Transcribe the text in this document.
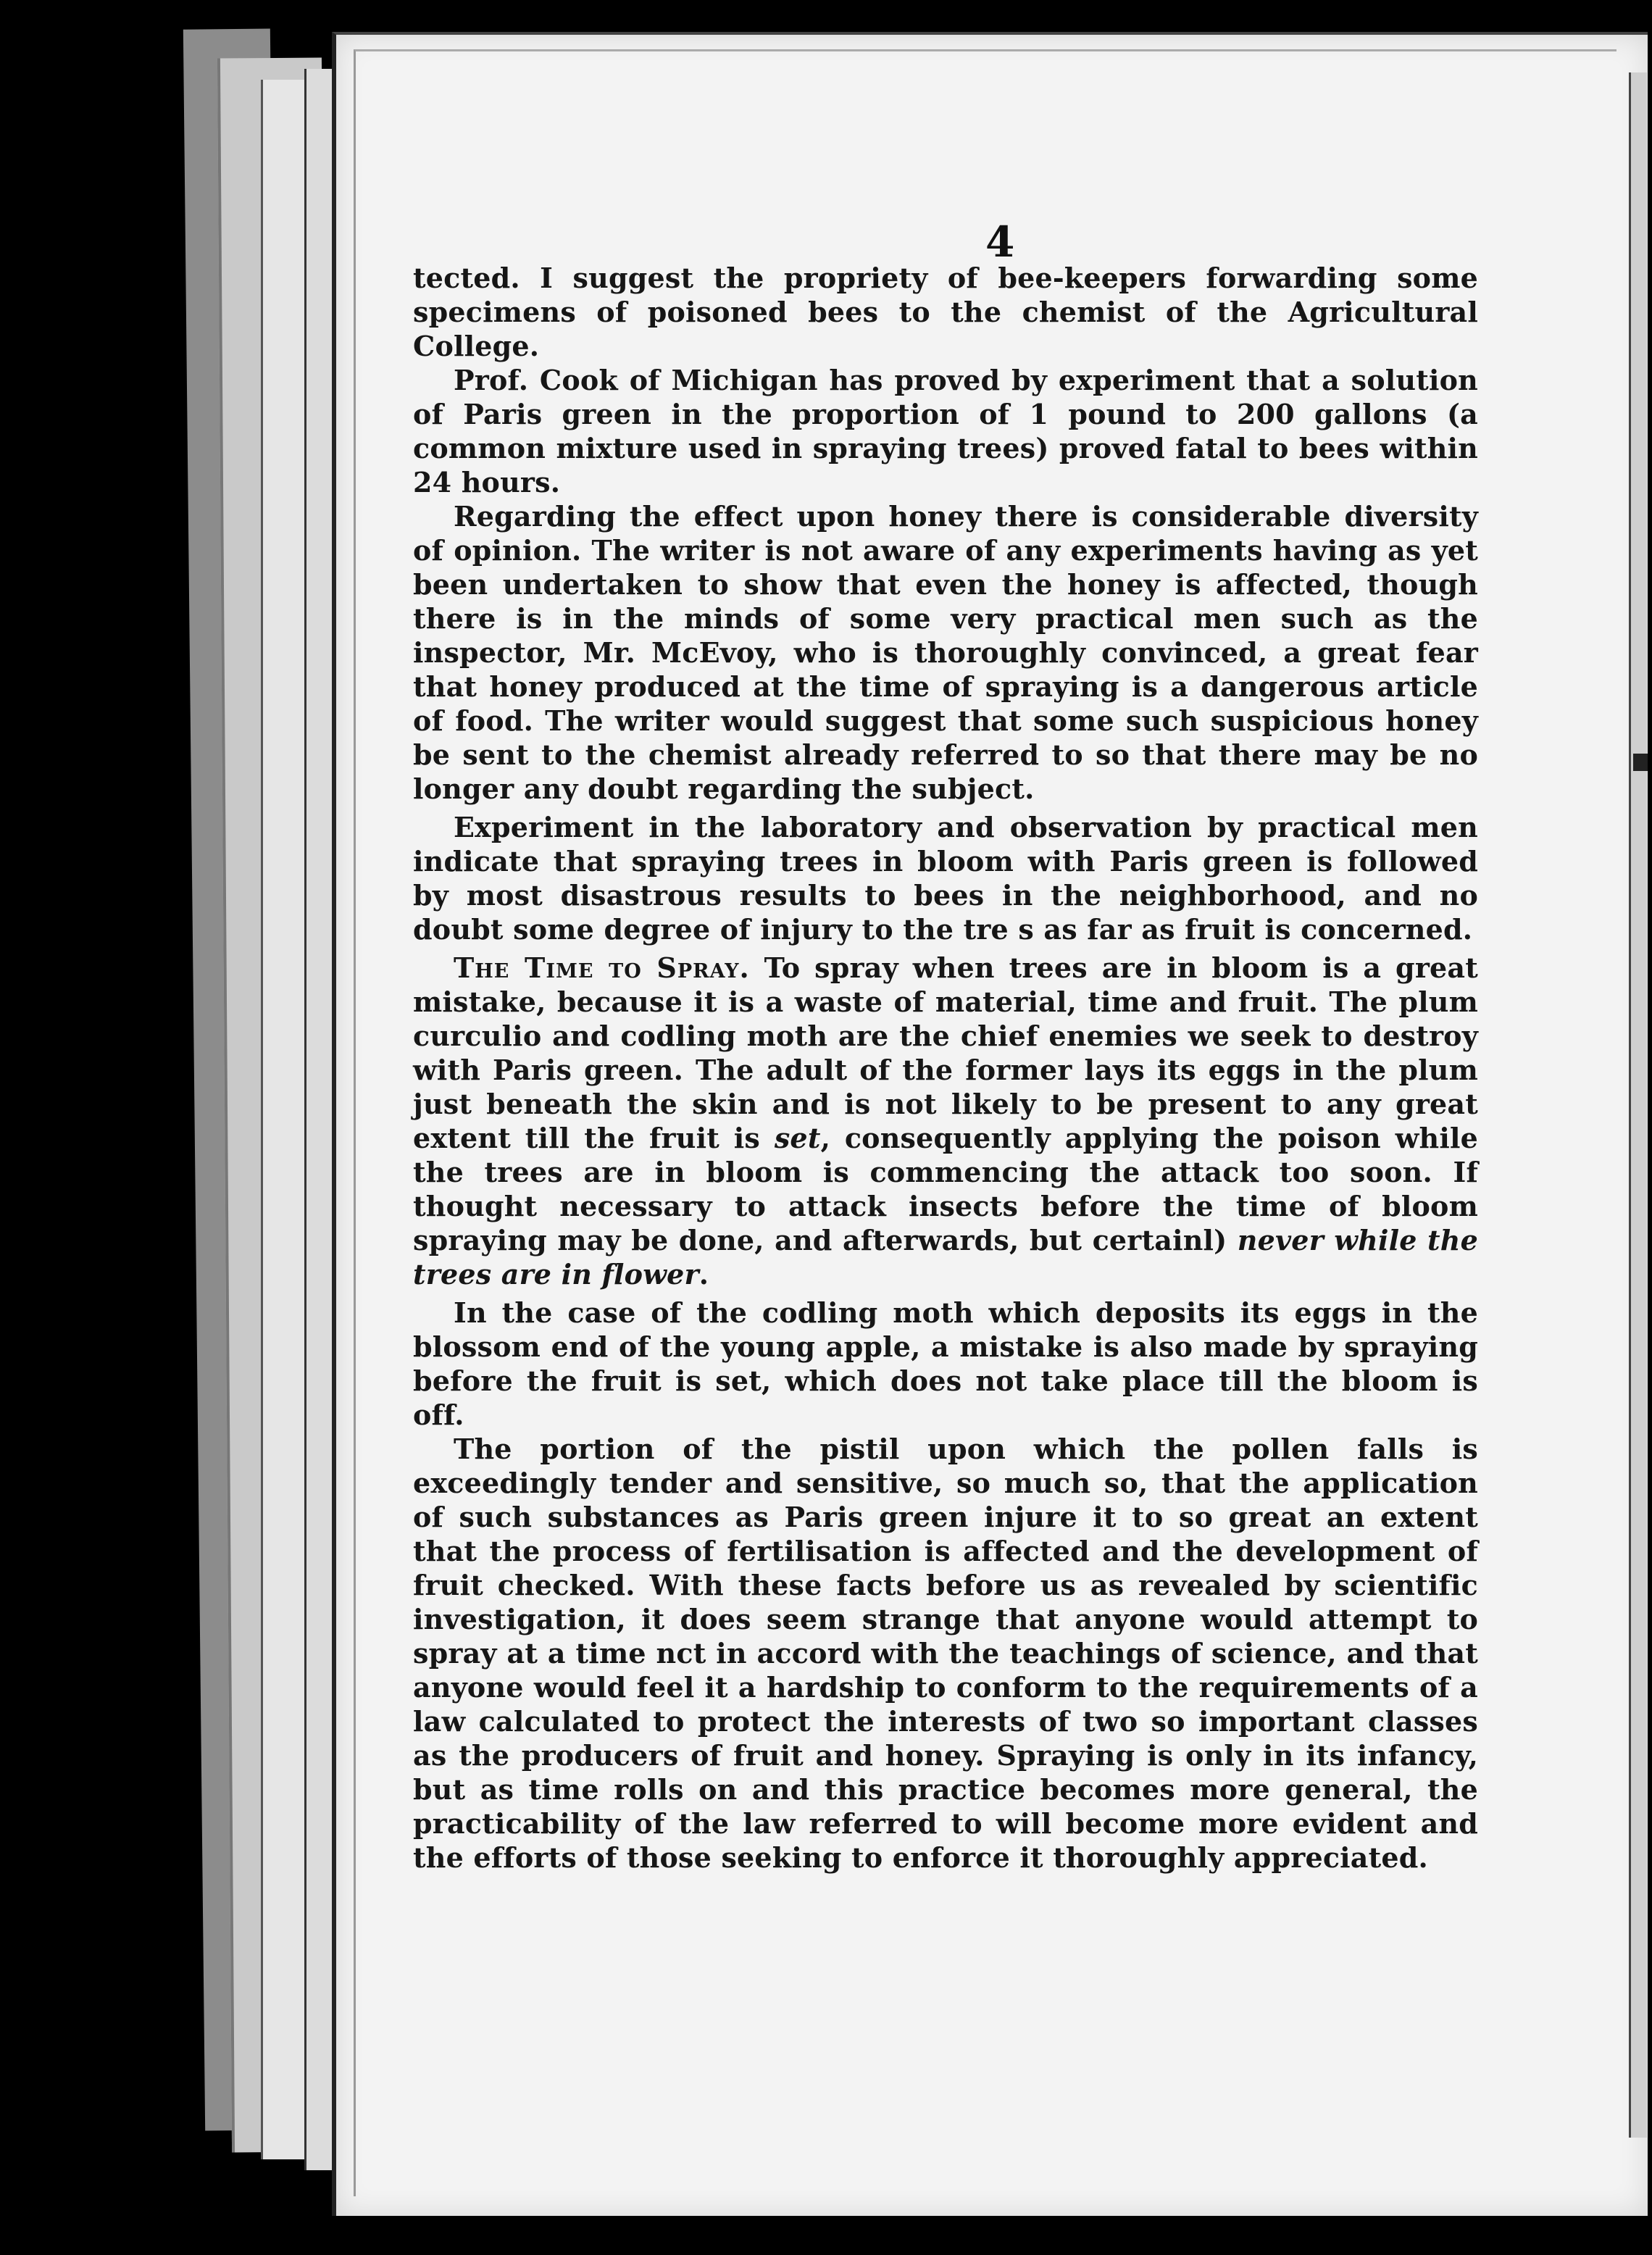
4

tected. I suggest the propriety of bee-keepers forwarding some specimens of poisoned bees to the chemist of the Agricultural College.

Prof. Cook of Michigan has proved by experiment that a solution of Paris green in the proportion of 1 pound to 200 gallons (a common mixture used in spraying trees) proved fatal to bees within 24 hours.

Regarding the effect upon honey there is considerable diversity of opinion. The writer is not aware of any experiments having as yet been undertaken to show that even the honey is affected, though there is in the minds of some very practical men such as the inspector, Mr. McEvoy, who is thoroughly convinced, a great fear that honey produced at the time of spraying is a dangerous article of food. The writer would suggest that some such suspicious honey be sent to the chemist already referred to so that there may be no longer any doubt regarding the subject.

Experiment in the laboratory and observation by practical men indicate that spraying trees in bloom with Paris green is followed by most disastrous results to bees in the neighborhood, and no doubt some degree of injury to the tre s as far as fruit is concerned.

The Time to Spray. To spray when trees are in bloom is a great mistake, because it is a waste of material, time and fruit. The plum curculio and codling moth are the chief enemies we seek to destroy with Paris green. The adult of the former lays its eggs in the plum just beneath the skin and is not likely to be present to any great extent till the fruit is set, consequently applying the poison while the trees are in bloom is commencing the attack too soon. If thought necessary to attack insects before the time of bloom spraying may be done, and afterwards, but certainl) never while the trees are in flower.

In the case of the codling moth which deposits its eggs in the blossom end of the young apple, a mistake is also made by spraying before the fruit is set, which does not take place till the bloom is off.

The portion of the pistil upon which the pollen falls is exceedingly tender and sensitive, so much so, that the application of such substances as Paris green injure it to so great an extent that the process of fertilisation is affected and the development of fruit checked. With these facts before us as revealed by scientific investigation, it does seem strange that anyone would attempt to spray at a time nct in accord with the teachings of science, and that anyone would feel it a hardship to conform to the requirements of a law calculated to protect the interests of two so important classes as the producers of fruit and honey. Spraying is only in its infancy, but as time rolls on and this practice becomes more general, the practicability of the law referred to will become more evident and the efforts of those seeking to enforce it thoroughly appreciated.
